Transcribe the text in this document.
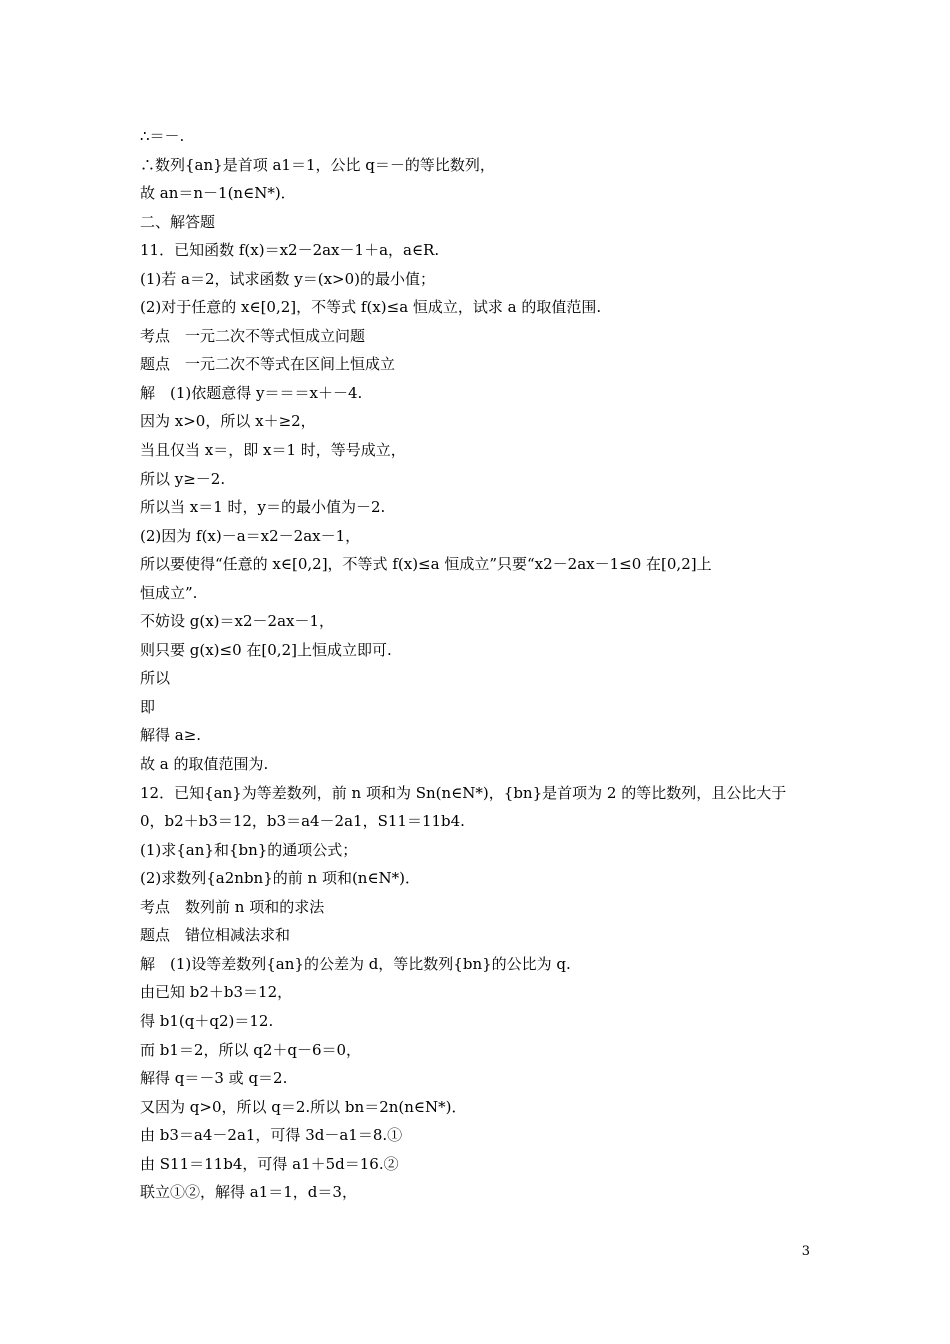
∴＝－.
∴数列{an}是首项 a1＝1，公比 q＝－的等比数列，
故 an＝n－1(n∈N*)．
二、解答题
11．已知函数 f(x)＝x2－2ax－1＋a，a∈R.
(1)若 a＝2，试求函数 y＝(x>0)的最小值；
(2)对于任意的 x∈[0,2]，不等式 f(x)≤a 恒成立，试求 a 的取值范围.
考点　一元二次不等式恒成立问题
题点　一元二次不等式在区间上恒成立
解　(1)依题意得 y＝＝＝x＋－4.
因为 x>0，所以 x＋≥2，
当且仅当 x＝，即 x＝1 时，等号成立，
所以 y≥－2.
所以当 x＝1 时，y＝的最小值为－2.
(2)因为 f(x)－a＝x2－2ax－1，
所以要使得“任意的 x∈[0,2]，不等式 f(x)≤a 恒成立”只要“x2－2ax－1≤0 在[0,2]上
恒成立”.
不妨设 g(x)＝x2－2ax－1，
则只要 g(x)≤0 在[0,2]上恒成立即可.
所以
即
解得 a≥.
故 a 的取值范围为.
12．已知{an}为等差数列，前 n 项和为 Sn(n∈N*)，{bn}是首项为 2 的等比数列，且公比大于
0，b2＋b3＝12，b3＝a4－2a1，S11＝11b4.
(1)求{an}和{bn}的通项公式；
(2)求数列{a2nbn}的前 n 项和(n∈N*)．
考点　数列前 n 项和的求法
题点　错位相减法求和
解　(1)设等差数列{an}的公差为 d，等比数列{bn}的公比为 q.
由已知 b2＋b3＝12，
得 b1(q＋q2)＝12.
而 b1＝2，所以 q2＋q－6＝0，
解得 q＝－3 或 q＝2.
又因为 q>0，所以 q＝2.所以 bn＝2n(n∈N*)．
由 b3＝a4－2a1，可得 3d－a1＝8.①
由 S11＝11b4，可得 a1＋5d＝16.②
联立①②，解得 a1＝1，d＝3，
3
